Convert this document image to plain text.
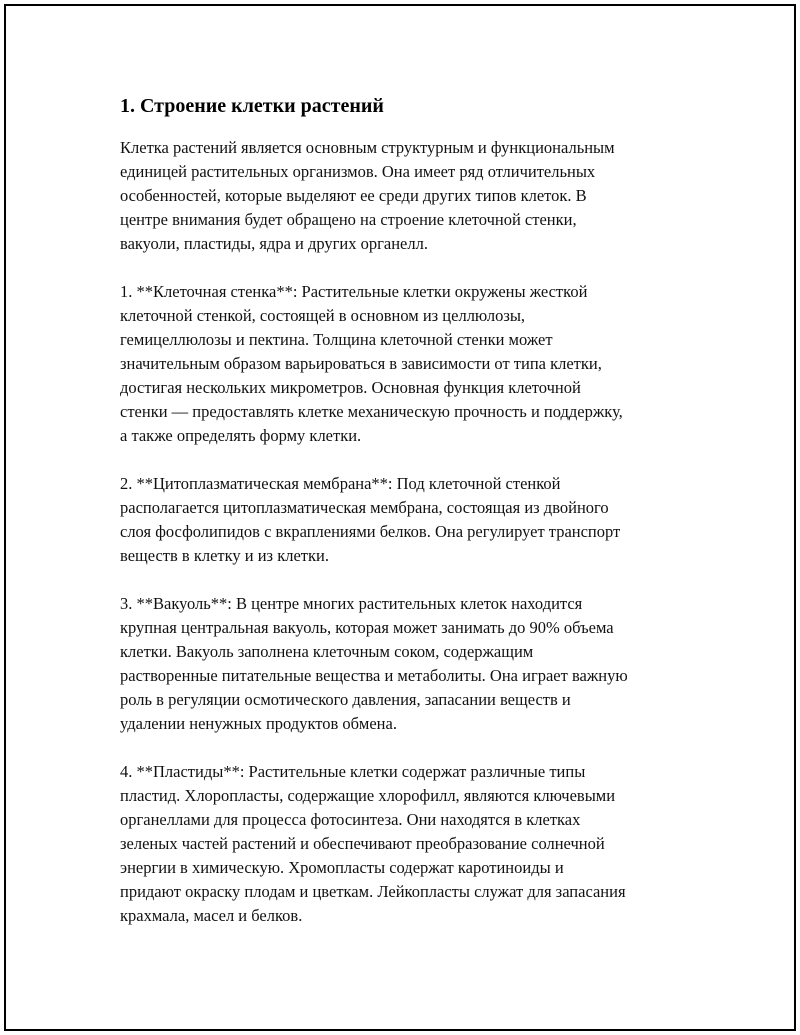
1. Строение клетки растений

Клетка растений является основным структурным и функциональным
единицей растительных организмов. Она имеет ряд отличительных
особенностей, которые выделяют ее среди других типов клеток. В
центре внимания будет обращено на строение клеточной стенки,
вакуоли, пластиды, ядра и других органелл.

1. **Клеточная стенка**: Растительные клетки окружены жесткой
клеточной стенкой, состоящей в основном из целлюлозы,
гемицеллюлозы и пектина. Толщина клеточной стенки может
значительным образом варьироваться в зависимости от типа клетки,
достигая нескольких микрометров. Основная функция клеточной
стенки — предоставлять клетке механическую прочность и поддержку,
а также определять форму клетки.

2. **Цитоплазматическая мембрана**: Под клеточной стенкой
располагается цитоплазматическая мембрана, состоящая из двойного
слоя фосфолипидов с вкраплениями белков. Она регулирует транспорт
веществ в клетку и из клетки.

3. **Вакуоль**: В центре многих растительных клеток находится
крупная центральная вакуоль, которая может занимать до 90% объема
клетки. Вакуоль заполнена клеточным соком, содержащим
растворенные питательные вещества и метаболиты. Она играет важную
роль в регуляции осмотического давления, запасании веществ и
удалении ненужных продуктов обмена.

4. **Пластиды**: Растительные клетки содержат различные типы
пластид. Хлоропласты, содержащие хлорофилл, являются ключевыми
органеллами для процесса фотосинтеза. Они находятся в клетках
зеленых частей растений и обеспечивают преобразование солнечной
энергии в химическую. Хромопласты содержат каротиноиды и
придают окраску плодам и цветкам. Лейкопласты служат для запасания
крахмала, масел и белков.
